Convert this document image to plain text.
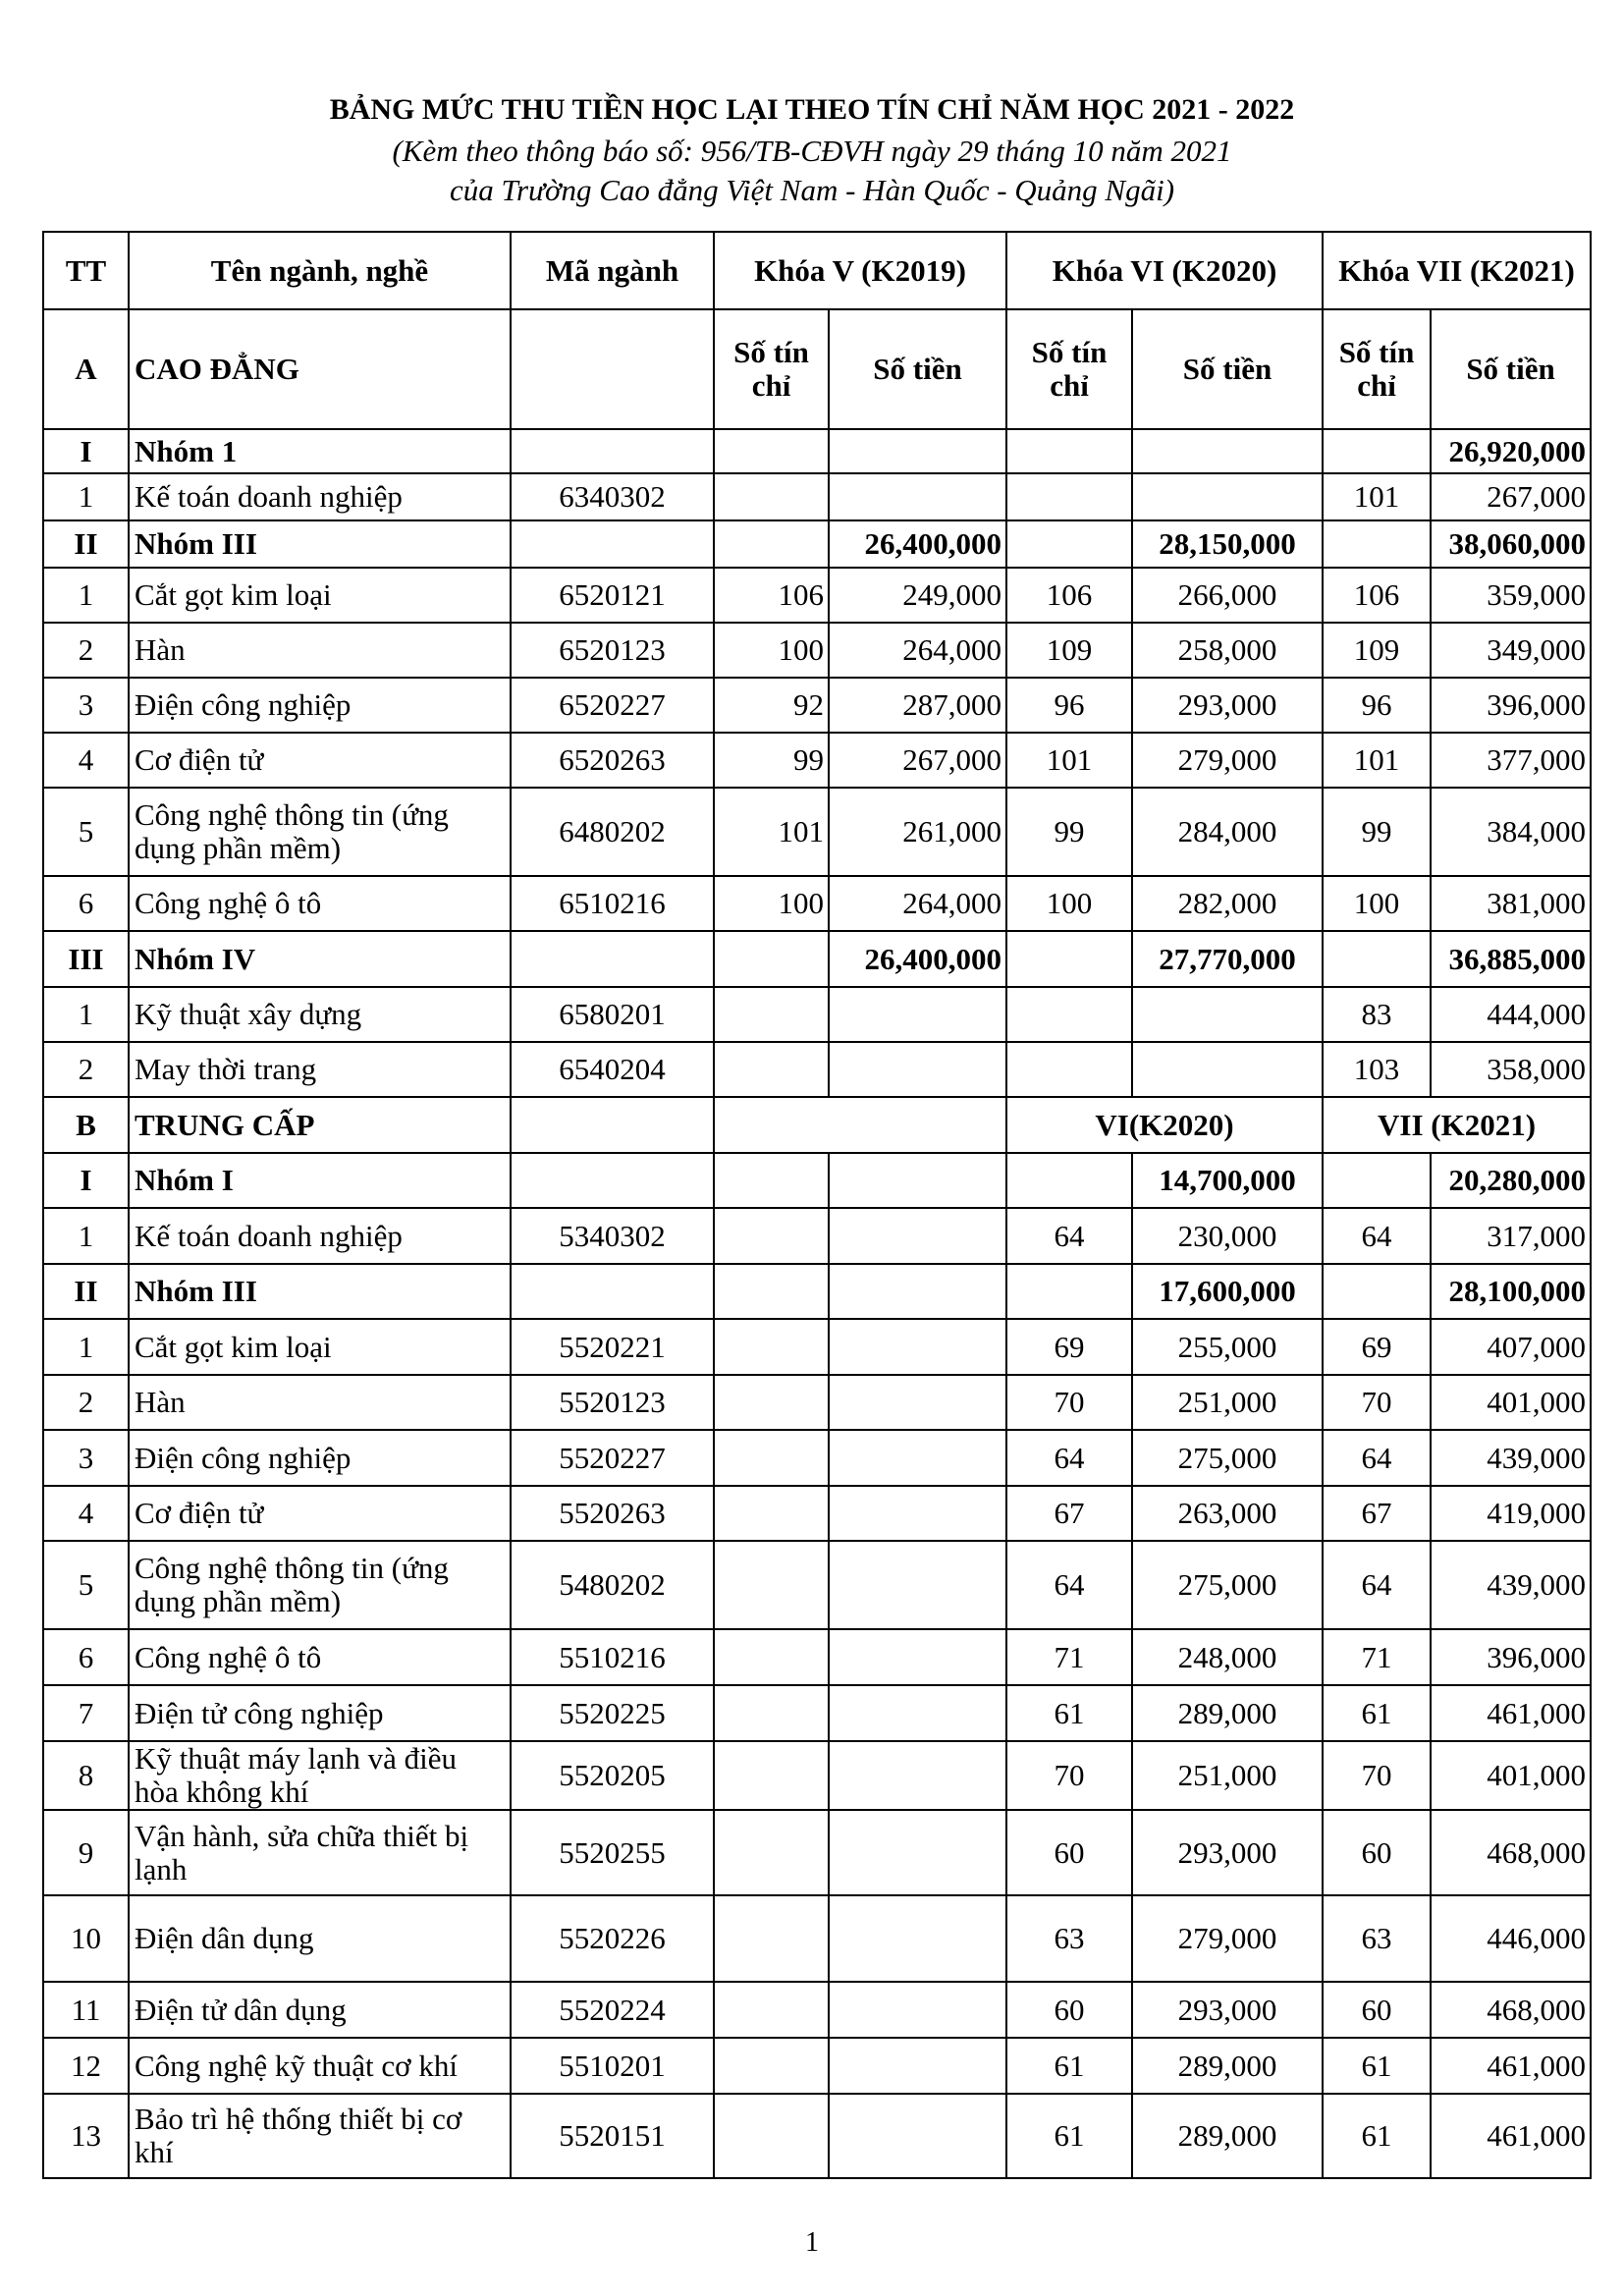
BẢNG MỨC THU TIỀN HỌC LẠI THEO TÍN CHỈ NĂM HỌC 2021 - 2022
(Kèm theo thông báo số: 956/TB-CĐVH ngày 29 tháng 10 năm 2021
của Trường Cao đẳng Việt Nam - Hàn Quốc - Quảng Ngãi)
TT	Tên ngành, nghề	Mã ngành	Khóa V (K2019)		Khóa VI (K2020)		Khóa VII (K2021)	
A	CAO ĐẲNG		Số tín chỉ	Số tiền	Số tín chỉ	Số tiền	Số tín chỉ	Số tiền
I	Nhóm 1							26,920,000
1	Kế toán doanh nghiệp	6340302					101	267,000
II	Nhóm III			26,400,000		28,150,000		38,060,000
1	Cắt gọt kim loại	6520121	106	249,000	106	266,000	106	359,000
2	Hàn	6520123	100	264,000	109	258,000	109	349,000
3	Điện công nghiệp	6520227	92	287,000	96	293,000	96	396,000
4	Cơ điện tử	6520263	99	267,000	101	279,000	101	377,000
5	Công nghệ thông tin (ứng dụng phần mềm)	6480202	101	261,000	99	284,000	99	384,000
6	Công nghệ ô tô	6510216	100	264,000	100	282,000	100	381,000
III	Nhóm IV			26,400,000		27,770,000		36,885,000
1	Kỹ thuật xây dựng	6580201					83	444,000
2	May thời trang	6540204					103	358,000
B	TRUNG CẤP				VI(K2020)		VII (K2021)	
I	Nhóm I					14,700,000		20,280,000
1	Kế toán doanh nghiệp	5340302			64	230,000	64	317,000
II	Nhóm III					17,600,000		28,100,000
1	Cắt gọt kim loại	5520221			69	255,000	69	407,000
2	Hàn	5520123			70	251,000	70	401,000
3	Điện công nghiệp	5520227			64	275,000	64	439,000
4	Cơ điện tử	5520263			67	263,000	67	419,000
5	Công nghệ thông tin (ứng dụng phần mềm)	5480202			64	275,000	64	439,000
6	Công nghệ ô tô	5510216			71	248,000	71	396,000
7	Điện tử công nghiệp	5520225			61	289,000	61	461,000
8	Kỹ thuật máy lạnh và điều hòa không khí	5520205			70	251,000	70	401,000
9	Vận hành, sửa chữa thiết bị lạnh	5520255			60	293,000	60	468,000
10	Điện dân dụng	5520226			63	279,000	63	446,000
11	Điện tử dân dụng	5520224			60	293,000	60	468,000
12	Công nghệ kỹ thuật cơ khí	5510201			61	289,000	61	461,000
13	Bảo trì hệ thống thiết bị cơ khí	5520151			61	289,000	61	461,000
1
